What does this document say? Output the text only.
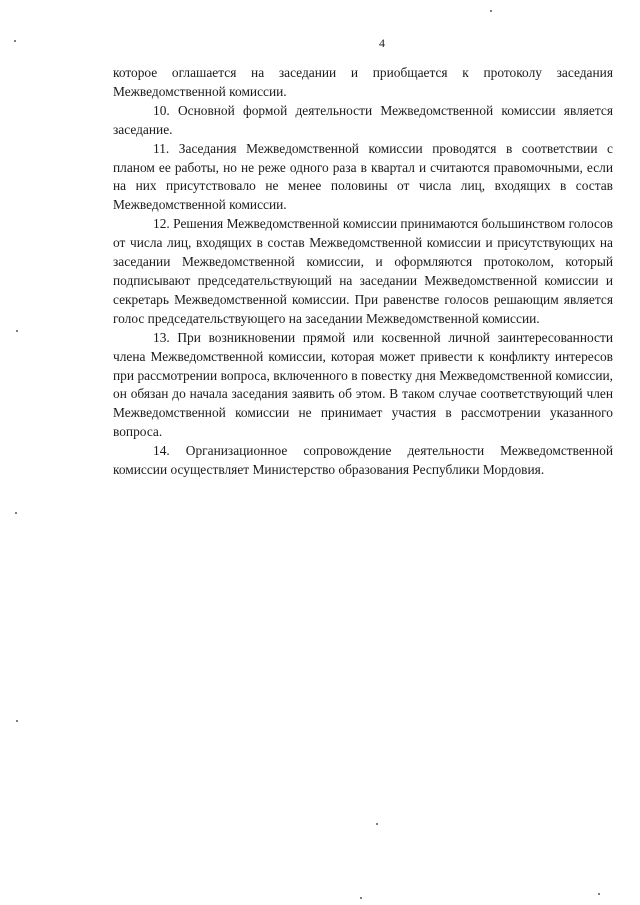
4

которое оглашается на заседании и приобщается к протоколу заседания Межведомственной комиссии.

10. Основной формой деятельности Межведомственной комиссии является заседание.

11. Заседания Межведомственной комиссии проводятся в соответствии с планом ее работы, но не реже одного раза в квартал и считаются правомочными, если на них присутствовало не менее половины от числа лиц, входящих в состав Межведомственной комиссии.

12. Решения Межведомственной комиссии принимаются большинством голосов от числа лиц, входящих в состав Межведомственной комиссии и присутствующих на заседании Межведомственной комиссии, и оформляются протоколом, который подписывают председательствующий на заседании Межведомственной комиссии и секретарь Межведомственной комиссии. При равенстве голосов решающим является голос председательствующего на заседании Межведомственной комиссии.

13. При возникновении прямой или косвенной личной заинтересованности члена Межведомственной комиссии, которая может привести к конфликту интересов при рассмотрении вопроса, включенного в повестку дня Межведомственной комиссии, он обязан до начала заседания заявить об этом. В таком случае соответствующий член Межведомственной комиссии не принимает участия в рассмотрении указанного вопроса.

14. Организационное сопровождение деятельности Межведомственной комиссии осуществляет Министерство образования Республики Мордовия.
